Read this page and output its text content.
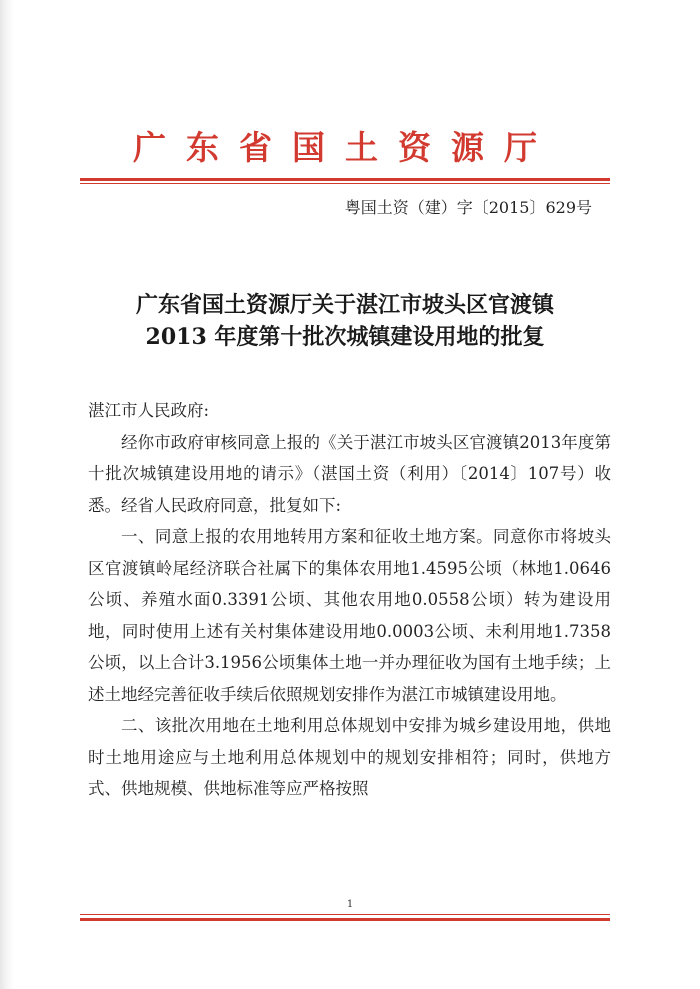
广东省国土资源厅
粤国土资（建）字〔2015〕629号
广东省国土资源厅关于湛江市坡头区官渡镇
2013 年度第十批次城镇建设用地的批复

湛江市人民政府:

经你市政府审核同意上报的《关于湛江市坡头区官渡镇2013年度第十批次城镇建设用地的请示》（湛国土资（利用）〔2014〕107号）收悉。经省人民政府同意，批复如下:

一、同意上报的农用地转用方案和征收土地方案。同意你市将坡头区官渡镇岭尾经济联合社属下的集体农用地1.4595公顷（林地1.0646公顷、养殖水面0.3391公顷、其他农用地0.0558公顷）转为建设用地，同时使用上述有关村集体建设用地0.0003公顷、未利用地1.7358公顷，以上合计3.1956公顷集体土地一并办理征收为国有土地手续；上述土地经完善征收手续后依照规划安排作为湛江市城镇建设用地。

二、该批次用地在土地利用总体规划中安排为城乡建设用地，供地时土地用途应与土地利用总体规划中的规划安排相符；同时，供地方式、供地规模、供地标准等应严格按照

1
